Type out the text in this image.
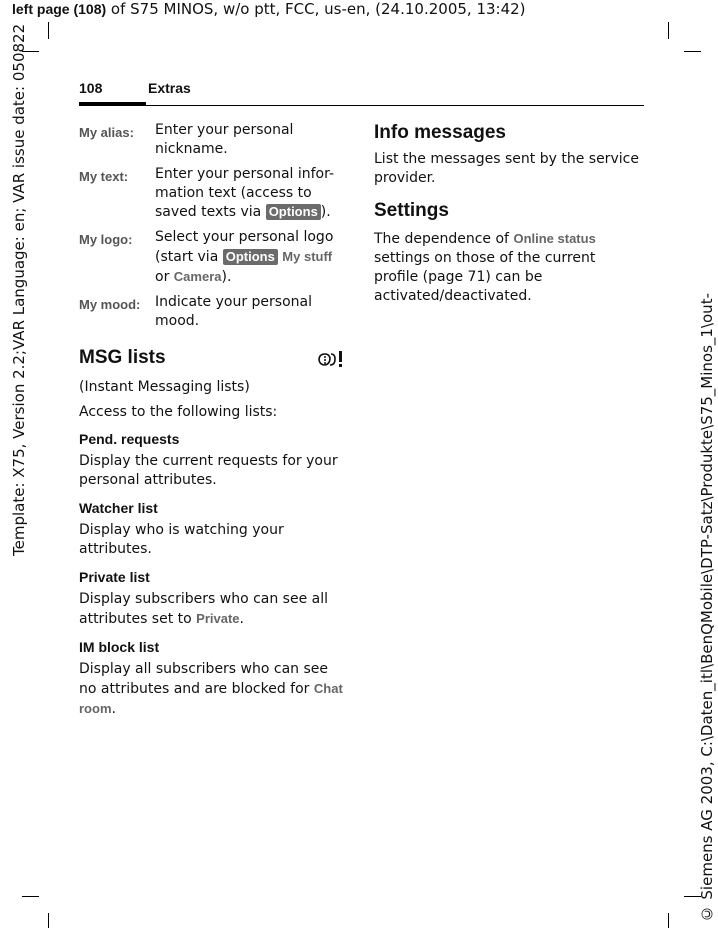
left page (108) of S75 MINOS, w/o ptt, FCC, us-en, (24.10.2005, 13:42)
Template: X75, Version 2.2;VAR Language: en; VAR issue date: 050822
© Siemens AG 2003, C:\Daten_itl\BenQMobile\DTP-Satz\Produkte\S75_Minos_1\out-
108	Extras
My alias: Enter your personal nickname.
My text: Enter your personal infor-mation text (access to saved texts via Options ).
My logo: Select your personal logo (start via Options My stuff or Camera).
My mood: Indicate your personal mood.
MSG lists

(Instant Messaging lists)

Access to the following lists:

Pend. requests

Display the current requests for your personal attributes.

Watcher list

Display who is watching your attributes.

Private list

Display subscribers who can see all attributes set to Private.

IM block list

Display all subscribers who can see no attributes and are blocked for Chat room.

Info messages

List the messages sent by the service provider.

Settings

The dependence of Online status settings on those of the current profile (page 71) can be activated/deactivated.
